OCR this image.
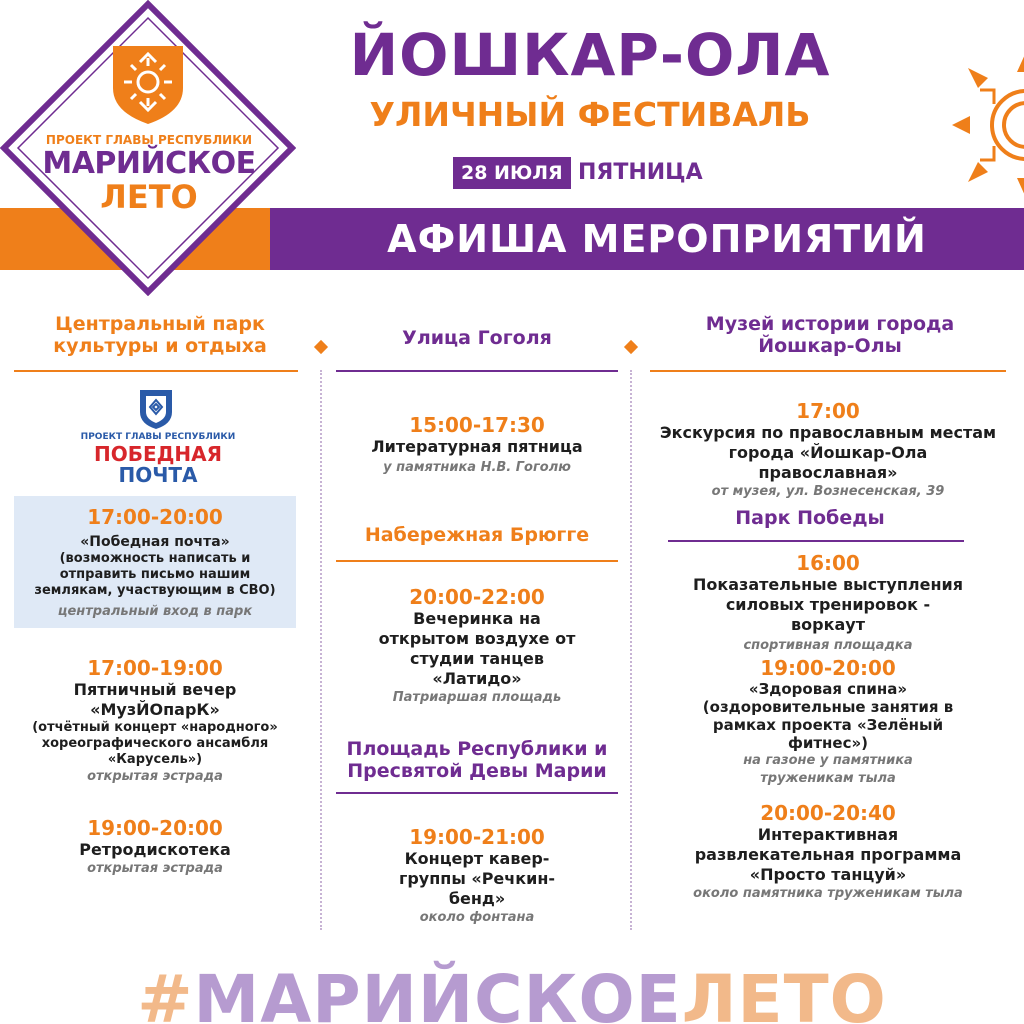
АФИША МЕРОПРИЯТИЙ
ПРОЕКТ ГЛАВЫ РЕСПУБЛИКИ
МАРИЙСКОЕ
ЛЕТО
ЙОШКАР-ОЛА
УЛИЧНЫЙ ФЕСТИВАЛЬ
28 ИЮЛЯ ПЯТНИЦА
Центральный парк культуры и отдыха
ПРОЕКТ ГЛАВЫ РЕСПУБЛИКИ
ПОБЕДНАЯ
ПОЧТА
17:00-20:00
«Победная почта»
(возможность написать и отправить письмо нашим землякам, участвующим в СВО)
центральный вход в парк
17:00-19:00
Пятничный вечер «МузЙОпарК»
(отчётный концерт «народного» хореографического ансамбля «Карусель»)
открытая эстрада
19:00-20:00
Ретродискотека
открытая эстрада
Улица Гоголя
15:00-17:30
Литературная пятница
у памятника Н.В. Гоголю
Набережная Брюгге
20:00-22:00
Вечеринка на открытом воздухе от студии танцев «Латидо»
Патриаршая площадь
Площадь Республики и Пресвятой Девы Марии
19:00-21:00
Концерт кавер-группы «Речкин-бенд»
около фонтана
Музей истории города Йошкар-Олы
17:00
Экскурсия по православным местам города «Йошкар-Ола православная»
от музея, ул. Вознесенская, 39
Парк Победы
16:00
Показательные выступления силовых тренировок - воркаут
спортивная площадка
19:00-20:00
«Здоровая спина» (оздоровительные занятия в рамках проекта «Зелёный фитнес»)
на газоне у памятника труженикам тыла
20:00-20:40
Интерактивная развлекательная программа «Просто танцуй»
около памятника труженикам тыла
#МАРИЙСКОЕЛЕТО
